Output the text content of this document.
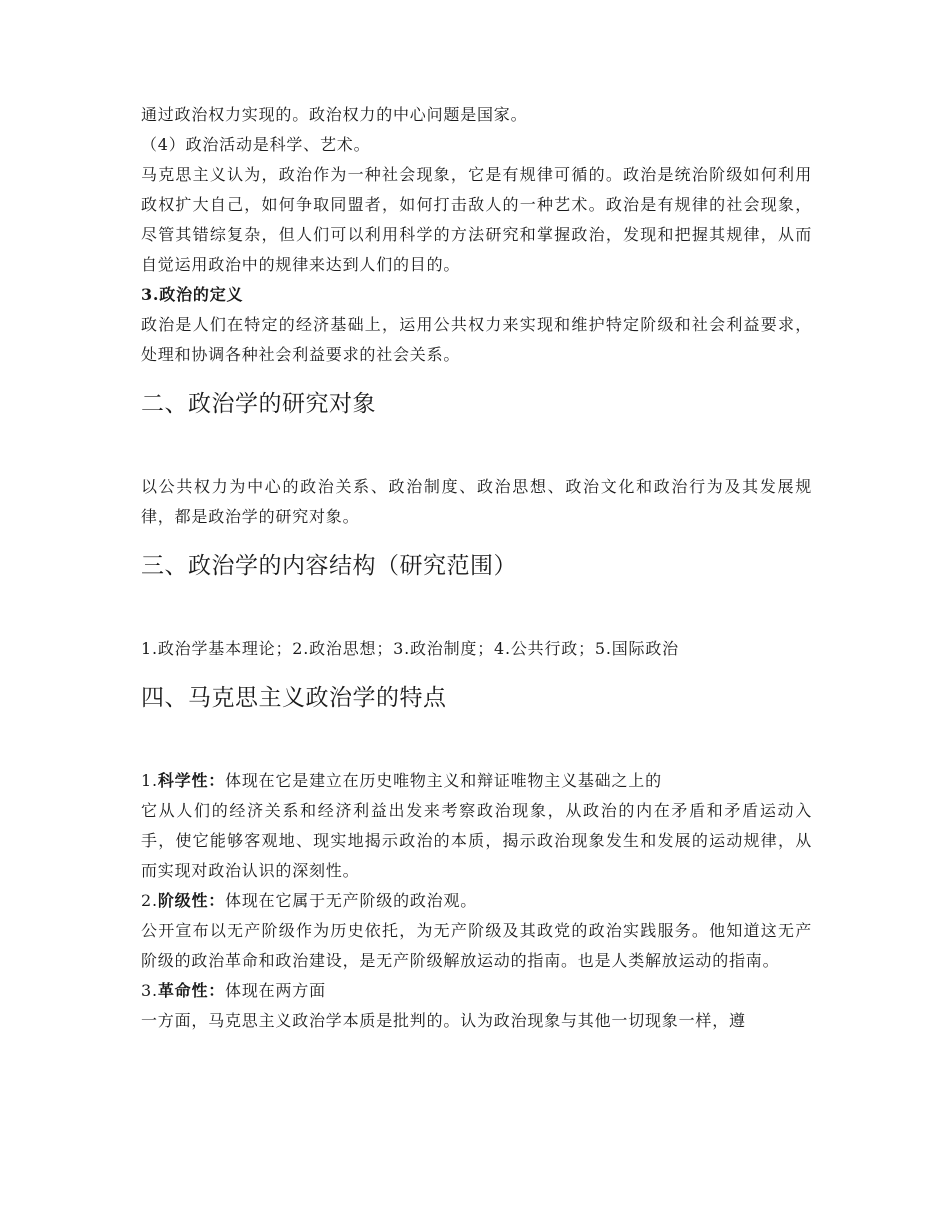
通过政治权力实现的。政治权力的中心问题是国家。

（4）政治活动是科学、艺术。

马克思主义认为，政治作为一种社会现象，它是有规律可循的。政治是统治阶级如何利用政权扩大自己，如何争取同盟者，如何打击敌人的一种艺术。政治是有规律的社会现象，尽管其错综复杂，但人们可以利用科学的方法研究和掌握政治，发现和把握其规律，从而自觉运用政治中的规律来达到人们的目的。

3.政治的定义

政治是人们在特定的经济基础上，运用公共权力来实现和维护特定阶级和社会利益要求，处理和协调各种社会利益要求的社会关系。

二、政治学的研究对象

以公共权力为中心的政治关系、政治制度、政治思想、政治文化和政治行为及其发展规律，都是政治学的研究对象。

三、政治学的内容结构（研究范围）

1.政治学基本理论；2.政治思想；3.政治制度；4.公共行政；5.国际政治

四、马克思主义政治学的特点

1.科学性：体现在它是建立在历史唯物主义和辩证唯物主义基础之上的

它从人们的经济关系和经济利益出发来考察政治现象，从政治的内在矛盾和矛盾运动入手，使它能够客观地、现实地揭示政治的本质，揭示政治现象发生和发展的运动规律，从而实现对政治认识的深刻性。

2.阶级性：体现在它属于无产阶级的政治观。

公开宣布以无产阶级作为历史依托，为无产阶级及其政党的政治实践服务。他知道这无产阶级的政治革命和政治建设，是无产阶级解放运动的指南。也是人类解放运动的指南。

3.革命性：体现在两方面

一方面，马克思主义政治学本质是批判的。认为政治现象与其他一切现象一样，遵
